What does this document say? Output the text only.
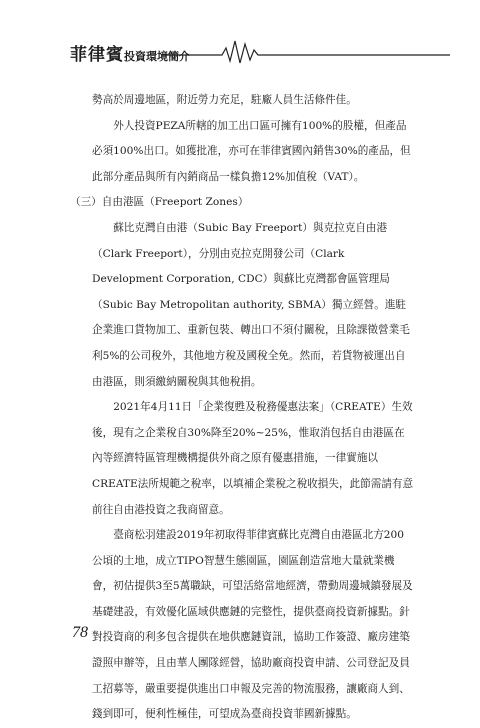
菲律賓投資環境簡介

勢高於周邊地區，附近勞力充足，駐廠人員生活條件佳。

外人投資PEZA所轄的加工出口區可擁有100%的股權，但產品必須100%出口。如獲批准，亦可在菲律賓國內銷售30%的產品，但此部分產品與所有內銷商品一樣負擔12%加值稅（VAT）。

（三）自由港區（Freeport Zones）

蘇比克灣自由港（Subic Bay Freeport）與克拉克自由港（Clark Freeport），分別由克拉克開發公司（Clark Development Corporation, CDC）與蘇比克灣都會區管理局（Subic Bay Metropolitan authority, SBMA）獨立經營。進駐企業進口貨物加工、重新包裝、轉出口不須付關稅，且除課徵營業毛利5%的公司稅外，其他地方稅及國稅全免。然而，若貨物被運出自由港區，則須繳納關稅與其他稅捐。

2021年4月11日「企業復甦及稅務優惠法案」（CREATE）生效後，現有之企業稅自30%降至20%~25%，惟取消包括自由港區在內等經濟特區管理機構提供外商之原有優惠措施，一律實施以CREATE法所規範之稅率，以填補企業稅之稅收損失，此節需請有意前往自由港投資之我商留意。

臺商松羽建設2019年初取得菲律賓蘇比克灣自由港區北方200公頃的土地，成立TIPO智慧生態園區，園區創造當地大量就業機會，初估提供3至5萬職缺，可望活絡當地經濟，帶動周邊城鎮發展及基礎建設，有效優化區域供應鏈的完整性，提供臺商投資新據點。針對投資商的利多包含提供在地供應鏈資訊，協助工作簽證、廠房建築證照申辦等，且由華人團隊經營，協助廠商投資申請、公司登記及員工招募等，嚴重要提供進出口申報及完善的物流服務，讓廠商人到、錢到即可，便利性極佳，可望成為臺商投資菲國新據點。

78
